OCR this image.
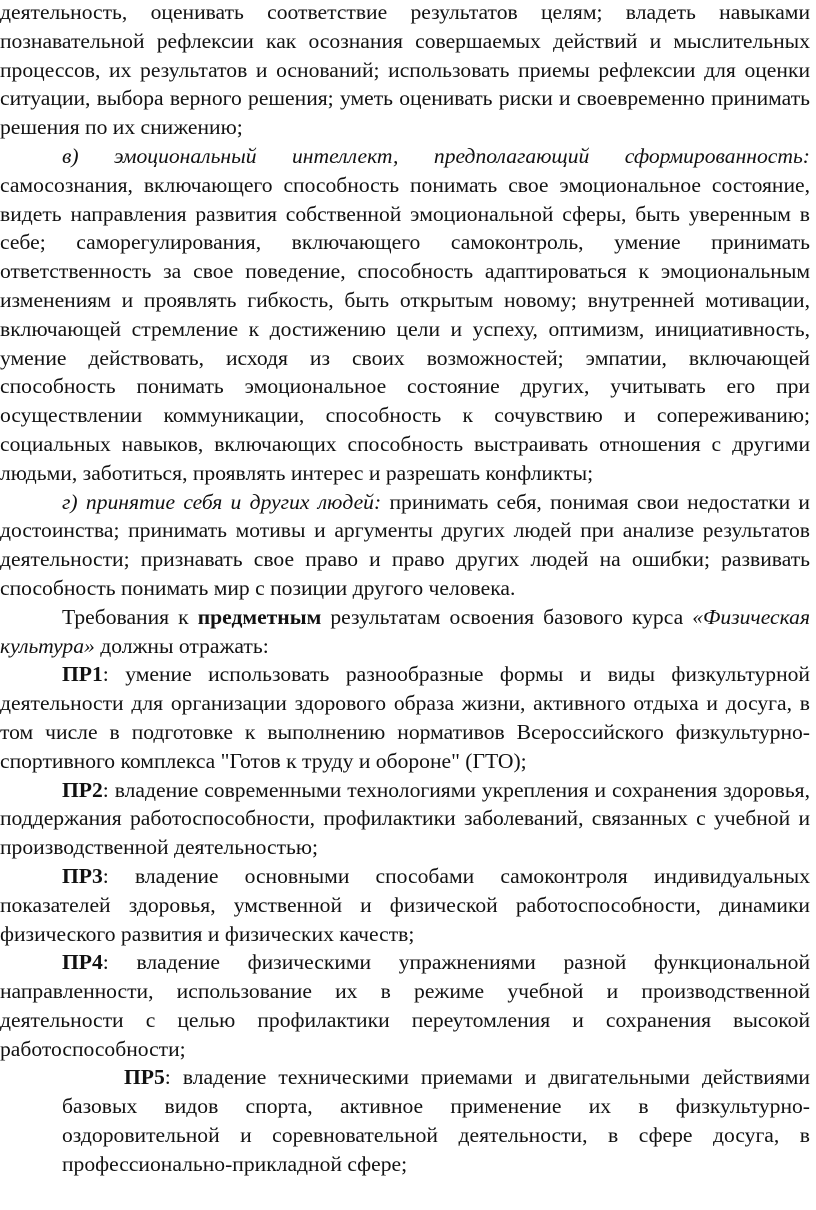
деятельность, оценивать соответствие результатов целям; владеть навыками познавательной рефлексии как осознания совершаемых действий и мыслительных процессов, их результатов и оснований; использовать приемы рефлексии для оценки ситуации, выбора верного решения; уметь оценивать риски и своевременно принимать решения по их снижению;

в) эмоциональный интеллект, предполагающий сформированность: самосознания, включающего способность понимать свое эмоциональное состояние, видеть направления развития собственной эмоциональной сферы, быть уверенным в себе; саморегулирования, включающего самоконтроль, умение принимать ответственность за свое поведение, способность адаптироваться к эмоциональным изменениям и проявлять гибкость, быть открытым новому; внутренней мотивации, включающей стремление к достижению цели и успеху, оптимизм, инициативность, умение действовать, исходя из своих возможностей; эмпатии, включающей способность понимать эмоциональное состояние других, учитывать его при осуществлении коммуникации, способность к сочувствию и сопереживанию; социальных навыков, включающих способность выстраивать отношения с другими людьми, заботиться, проявлять интерес и разрешать конфликты;

г) принятие себя и других людей: принимать себя, понимая свои недостатки и достоинства; принимать мотивы и аргументы других людей при анализе результатов деятельности; признавать свое право и право других людей на ошибки; развивать способность понимать мир с позиции другого человека.

Требования к предметным результатам освоения базового курса «Физическая культура» должны отражать:

ПР1: умение использовать разнообразные формы и виды физкультурной деятельности для организации здорового образа жизни, активного отдыха и досуга, в том числе в подготовке к выполнению нормативов Всероссийского физкультурно-спортивного комплекса "Готов к труду и обороне" (ГТО);

ПР2: владение современными технологиями укрепления и сохранения здоровья, поддержания работоспособности, профилактики заболеваний, связанных с учебной и производственной деятельностью;

ПР3: владение основными способами самоконтроля индивидуальных показателей здоровья, умственной и физической работоспособности, динамики физического развития и физических качеств;

ПР4: владение физическими упражнениями разной функциональной направленности, использование их в режиме учебной и производственной деятельности с целью профилактики переутомления и сохранения высокой работоспособности;

ПР5: владение техническими приемами и двигательными действиями базовых видов спорта, активное применение их в физкультурно-оздоровительной и соревновательной деятельности, в сфере досуга, в профессионально-прикладной сфере;
